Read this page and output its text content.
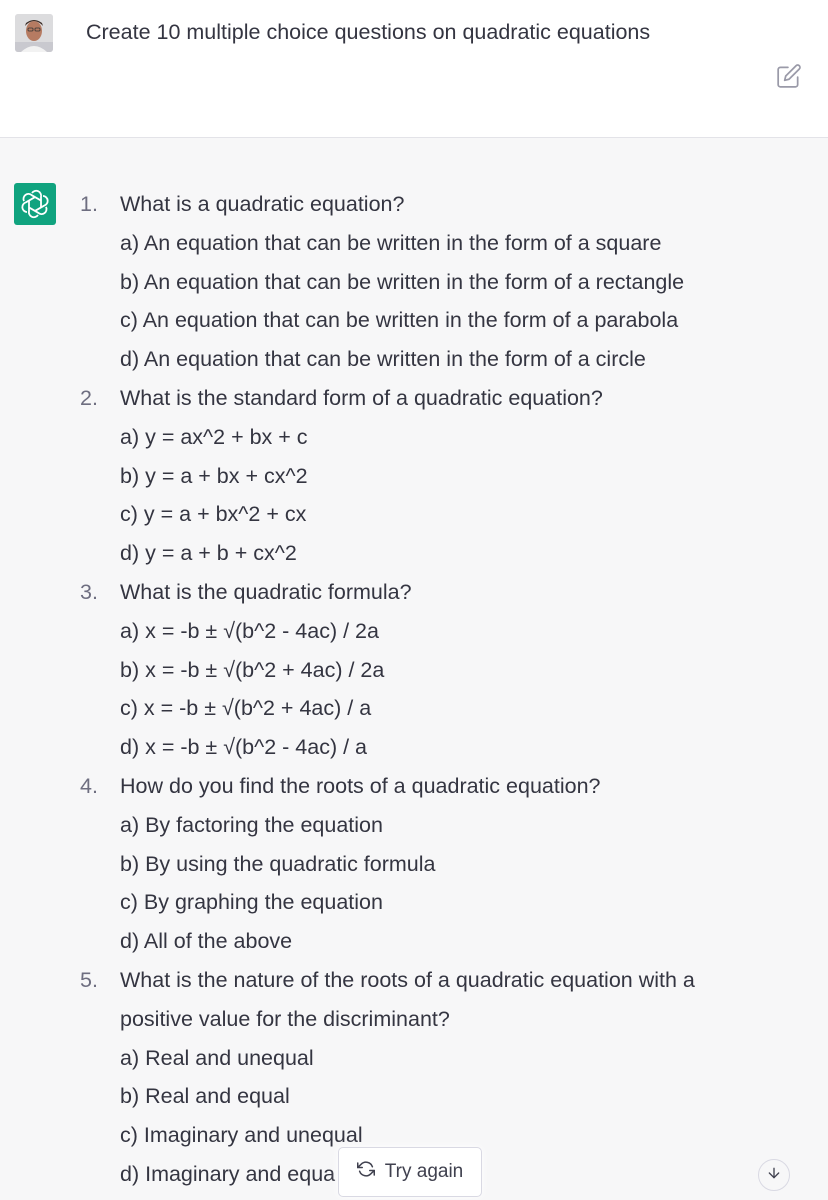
Create 10 multiple choice questions on quadratic equations
1.	What is a quadratic equation?
a) An equation that can be written in the form of a square
b) An equation that can be written in the form of a rectangle
c) An equation that can be written in the form of a parabola
d) An equation that can be written in the form of a circle
2.	What is the standard form of a quadratic equation?
a) y = ax^2 + bx + c
b) y = a + bx + cx^2
c) y = a + bx^2 + cx
d) y = a + b + cx^2
3.	What is the quadratic formula?
a) x = -b ± √(b^2 - 4ac) / 2a
b) x = -b ± √(b^2 + 4ac) / 2a
c) x = -b ± √(b^2 + 4ac) / a
d) x = -b ± √(b^2 - 4ac) / a
4.	How do you find the roots of a quadratic equation?
a) By factoring the equation
b) By using the quadratic formula
c) By graphing the equation
d) All of the above
5.	What is the nature of the roots of a quadratic equation with a positive value for the discriminant?
a) Real and unequal
b) Real and equal
c) Imaginary and unequal
d) Imaginary and equa	Try again
